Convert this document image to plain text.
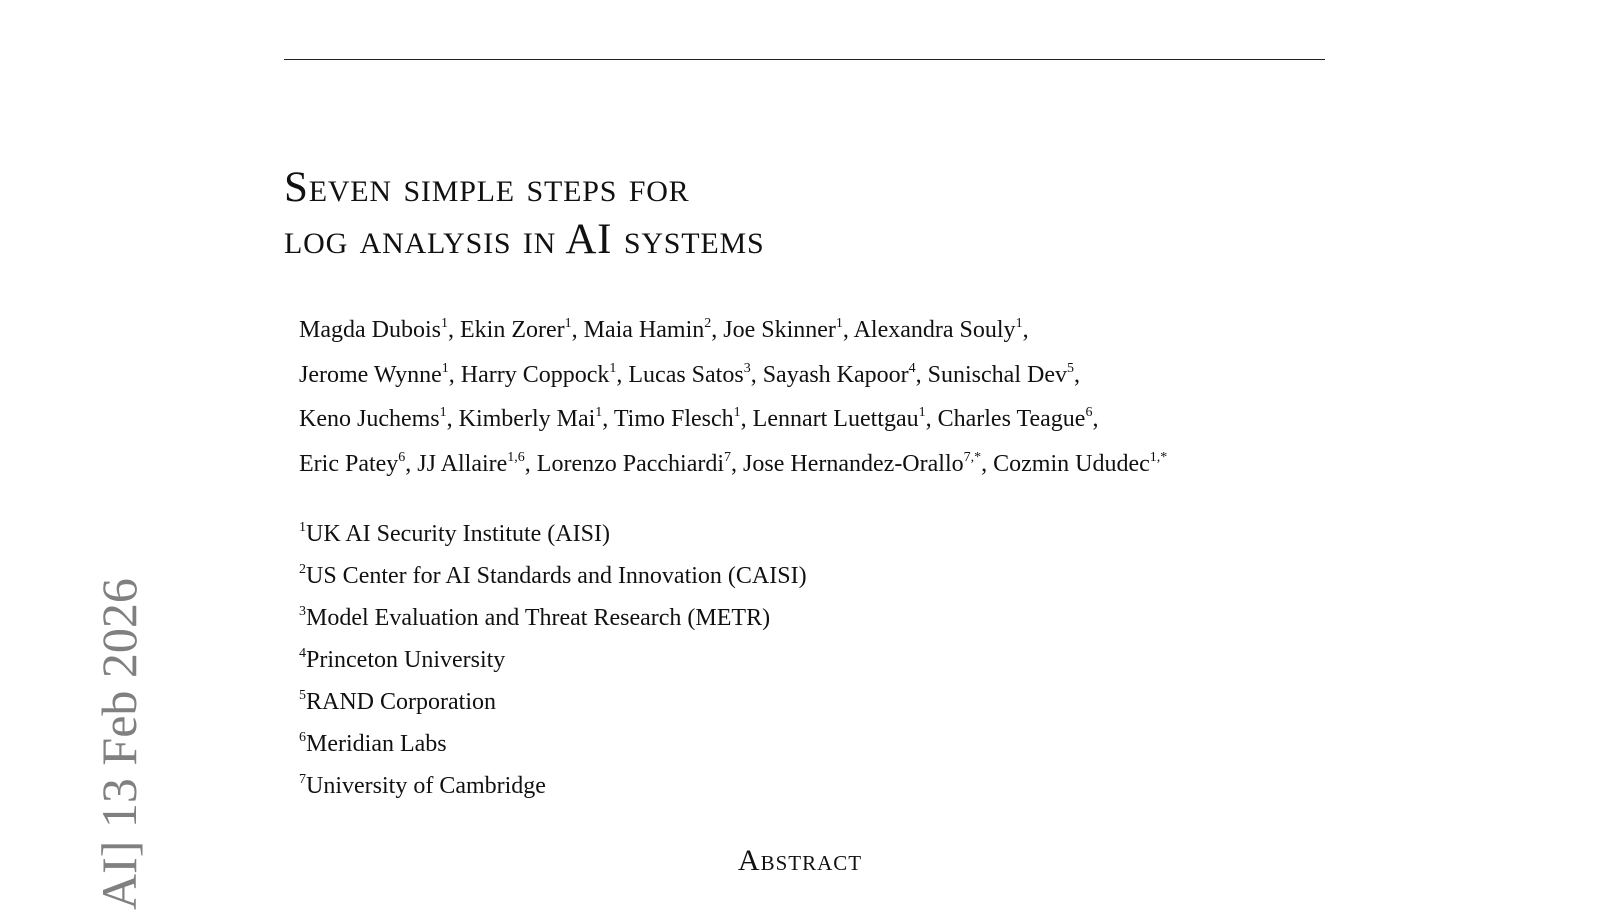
Seven simple steps for
log analysis in AI systems
Magda Dubois$^1$, Ekin Zorer$^1$, Maia Hamin$^2$, Joe Skinner$^1$, Alexandra Souly$^1$,
Jerome Wynne$^1$, Harry Coppock$^1$, Lucas Satos$^3$, Sayash Kapoor$^4$, Sunischal Dev$^5$,
Keno Juchems$^1$, Kimberly Mai$^1$, Timo Flesch$^1$, Lennart Luettgau$^1$, Charles Teague$^6$,
Eric Patey$^6$, JJ Allaire$^{1,6}$, Lorenzo Pacchiardi$^7$, Jose Hernandez-Orallo$^{7,*}$, Cozmin Ududec$^{1,*}$
$^1$UK AI Security Institute (AISI)
$^2$US Center for AI Standards and Innovation (CAISI)
$^3$Model Evaluation and Threat Research (METR)
$^4$Princeton University
$^5$RAND Corporation
$^6$Meridian Labs
$^7$University of Cambridge
Abstract
AI] 13 Feb 2026
